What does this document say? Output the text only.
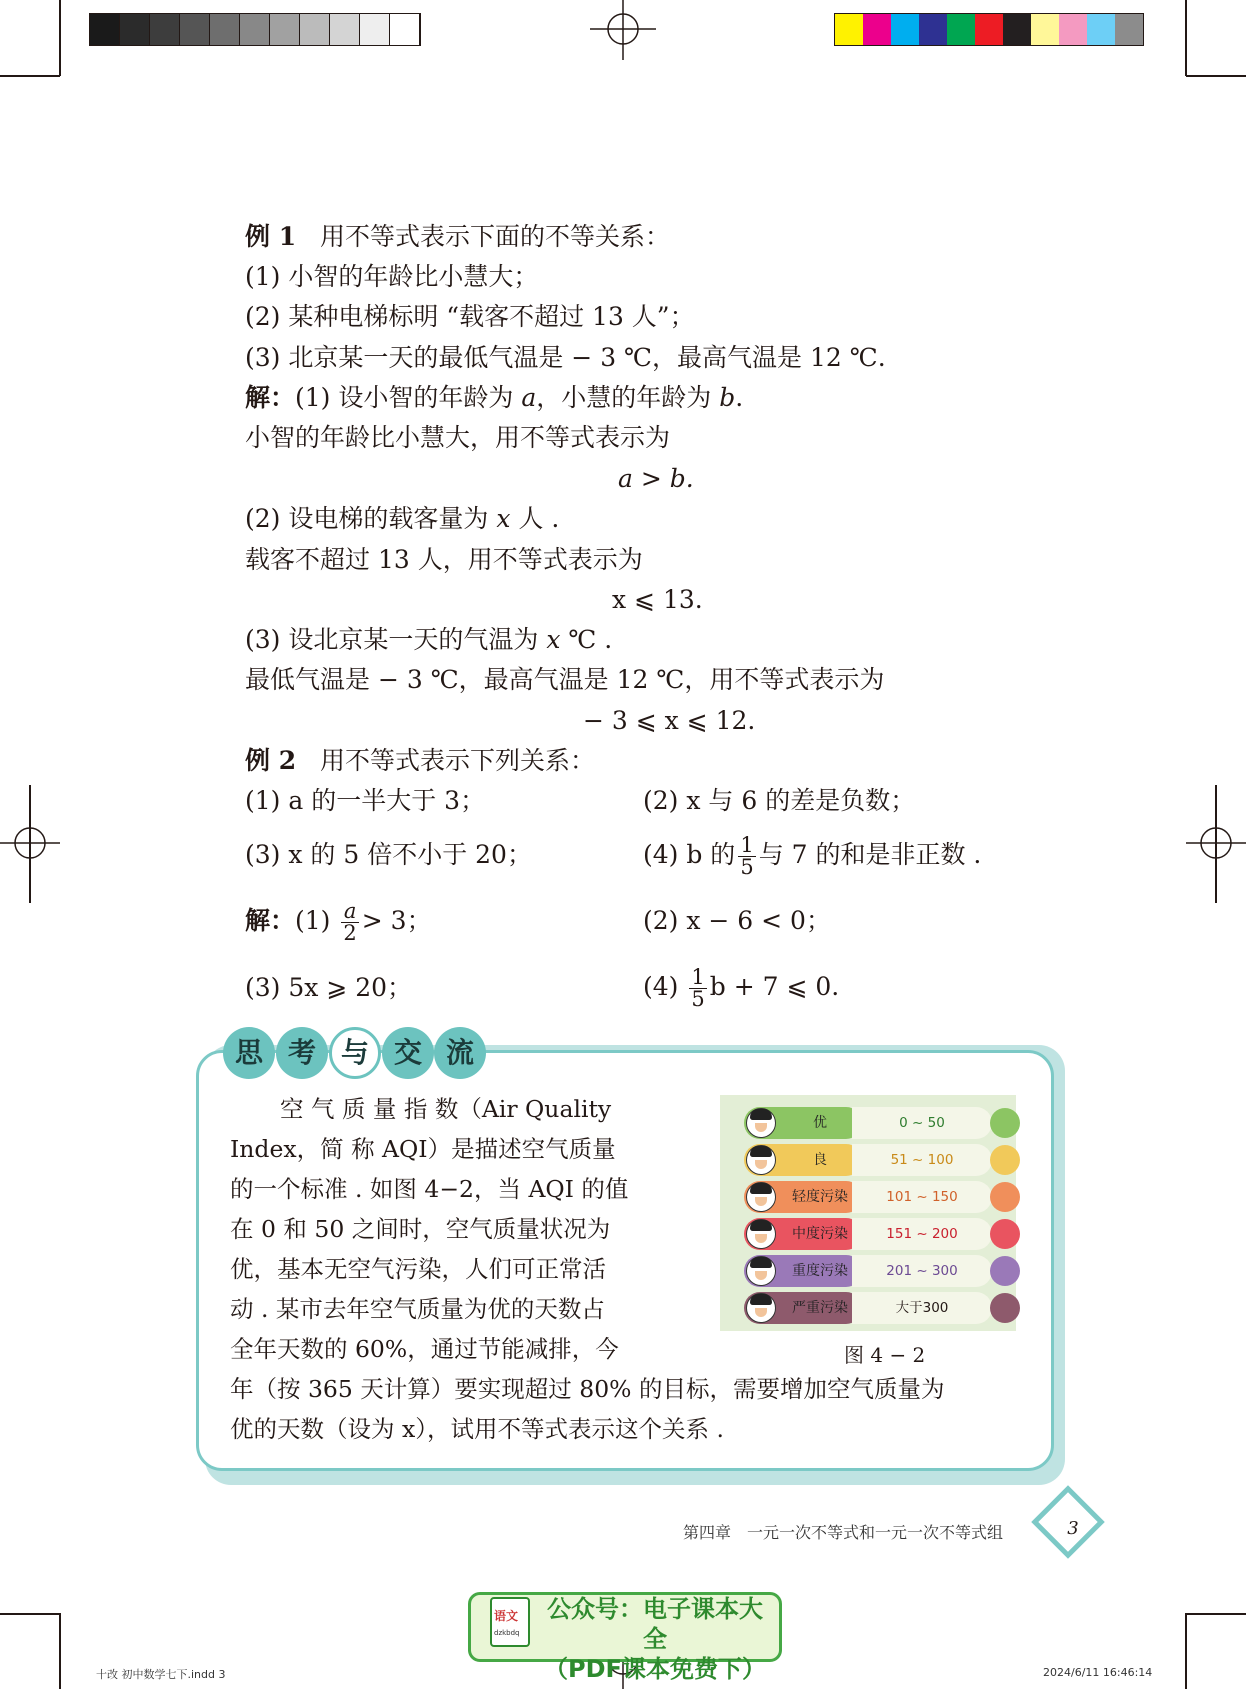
例 1 用不等式表示下面的不等关系：
(1) 小智的年龄比小慧大；
(2) 某种电梯标明 “载客不超过 13 人”；
(3) 北京某一天的最低气温是 − 3 ℃，最高气温是 12 ℃.
解：(1) 设小智的年龄为 a，小慧的年龄为 b.
小智的年龄比小慧大，用不等式表示为
a > b.
(2) 设电梯的载客量为 x 人 .
载客不超过 13 人，用不等式表示为
x ⩽ 13.
(3) 设北京某一天的气温为 x ℃ .
最低气温是 − 3 ℃，最高气温是 12 ℃，用不等式表示为
− 3 ⩽ x ⩽ 12.
例 2 用不等式表示下列关系：
(1) a 的一半大于 3；	(2) x 与 6 的差是负数；
(3) x 的 5 倍不小于 20；	(4) b 的 $\frac{1}{5}$ 与 7 的和是非正数 .
解：$(1) \frac{a}{2} > 3$；	(2) x − 6 < 0；
(3) 5x ⩾ 20；	$(4) \frac{1}{5}$ b + 7 ⩽ 0.
思 考 与 交 流
空 气 质 量 指 数（Air Quality
Index，简 称 AQI）是描述空气质量
的一个标准 . 如图 4−2，当 AQI 的值
在 0 和 50 之间时，空气质量状况为
优，基本无空气污染，人们可正常活
动 . 某市去年空气质量为优的天数占
全年天数的 60%，通过节能减排，今
年（按 365 天计算）要实现超过 80% 的目标，需要增加空气质量为
优的天数（设为 x），试用不等式表示这个关系 .
优	0 ~ 50
良	51 ~ 100
轻度污染	101 ~ 150
中度污染	151 ~ 200
重度污染	201 ~ 300
严重污染	大于300
图 4 − 2
第四章　一元一次不等式和一元一次不等式组	3
语文
dzkbdq
公众号：电子课本大全
（PDF课本免费下）
十改 初中数学七下.indd 3	2024/6/11 16:46:14
